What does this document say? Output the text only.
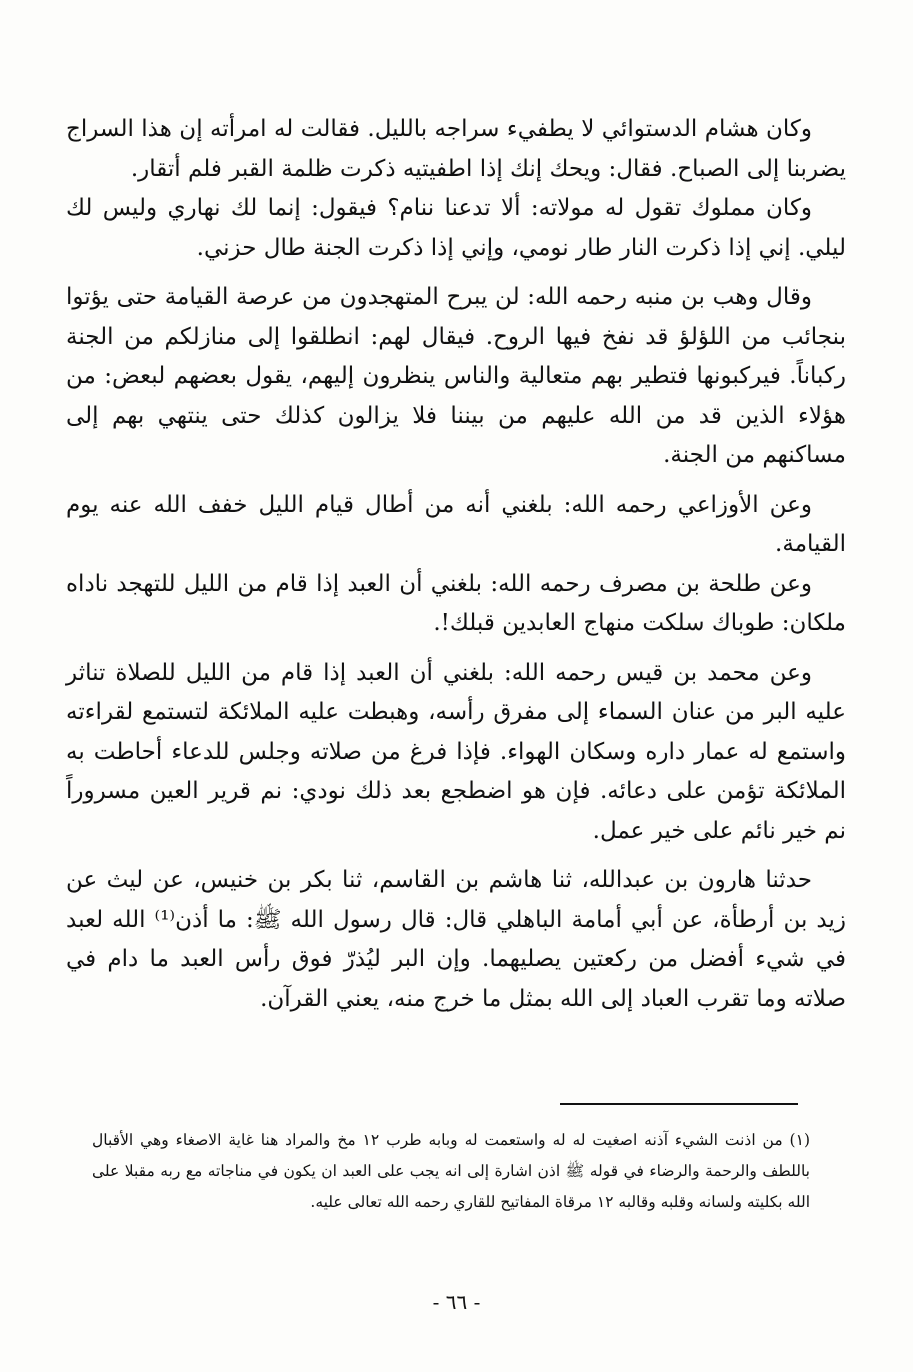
وكان هشام الدستوائي لا يطفيء سراجه بالليل. فقالت له امرأته إن هذا السراج يضربنا إلى الصباح. فقال: ويحك إنك إذا اطفيتيه ذكرت ظلمة القبر فلم أتقار.

وكان مملوك تقول له مولاته: ألا تدعنا ننام؟ فيقول: إنما لك نهاري وليس لك ليلي. إني إذا ذكرت النار طار نومي، وإني إذا ذكرت الجنة طال حزني.

وقال وهب بن منبه رحمه الله: لن يبرح المتهجدون من عرصة القيامة حتى يؤتوا بنجائب من اللؤلؤ قد نفخ فيها الروح. فيقال لهم: انطلقوا إلى منازلكم من الجنة ركباناً. فيركبونها فتطير بهم متعالية والناس ينظرون إليهم، يقول بعضهم لبعض: من هؤلاء الذين قد من الله عليهم من بيننا فلا يزالون كذلك حتى ينتهي بهم إلى مساكنهم من الجنة.

وعن الأوزاعي رحمه الله: بلغني أنه من أطال قيام الليل خفف الله عنه يوم القيامة.

وعن طلحة بن مصرف رحمه الله: بلغني أن العبد إذا قام من الليل للتهجد ناداه ملكان: طوباك سلكت منهاج العابدين قبلك!.

وعن محمد بن قيس رحمه الله: بلغني أن العبد إذا قام من الليل للصلاة تناثر عليه البر من عنان السماء إلى مفرق رأسه، وهبطت عليه الملائكة لتستمع لقراءته واستمع له عمار داره وسكان الهواء. فإذا فرغ من صلاته وجلس للدعاء أحاطت به الملائكة تؤمن على دعائه. فإن هو اضطجع بعد ذلك نودي: نم قرير العين مسروراً نم خير نائم على خير عمل.

حدثنا هارون بن عبدالله، ثنا هاشم بن القاسم، ثنا بكر بن خنيس، عن ليث عن زيد بن أرطأة، عن أبي أمامة الباهلي قال: قال رسول الله ﷺ: ما أذن⁽¹⁾ الله لعبد في شيء أفضل من ركعتين يصليهما. وإن البر ليُذرّ فوق رأس العبد ما دام في صلاته وما تقرب العباد إلى الله بمثل ما خرج منه، يعني القرآن.

(١) من اذنت الشيء آذنه اصغيت له له واستعمت له وبابه طرب ١٢ مخ والمراد هنا غاية الاصغاء وهي الأقبال باللطف والرحمة والرضاء في قوله ﷺ اذن اشارة إلى انه يجب على العبد ان يكون في مناجاته مع ربه مقبلا على الله بكليته ولسانه وقلبه وقالبه ١٢ مرقاة المفاتيح للقاري رحمه الله تعالى عليه.

- ٦٦ -
